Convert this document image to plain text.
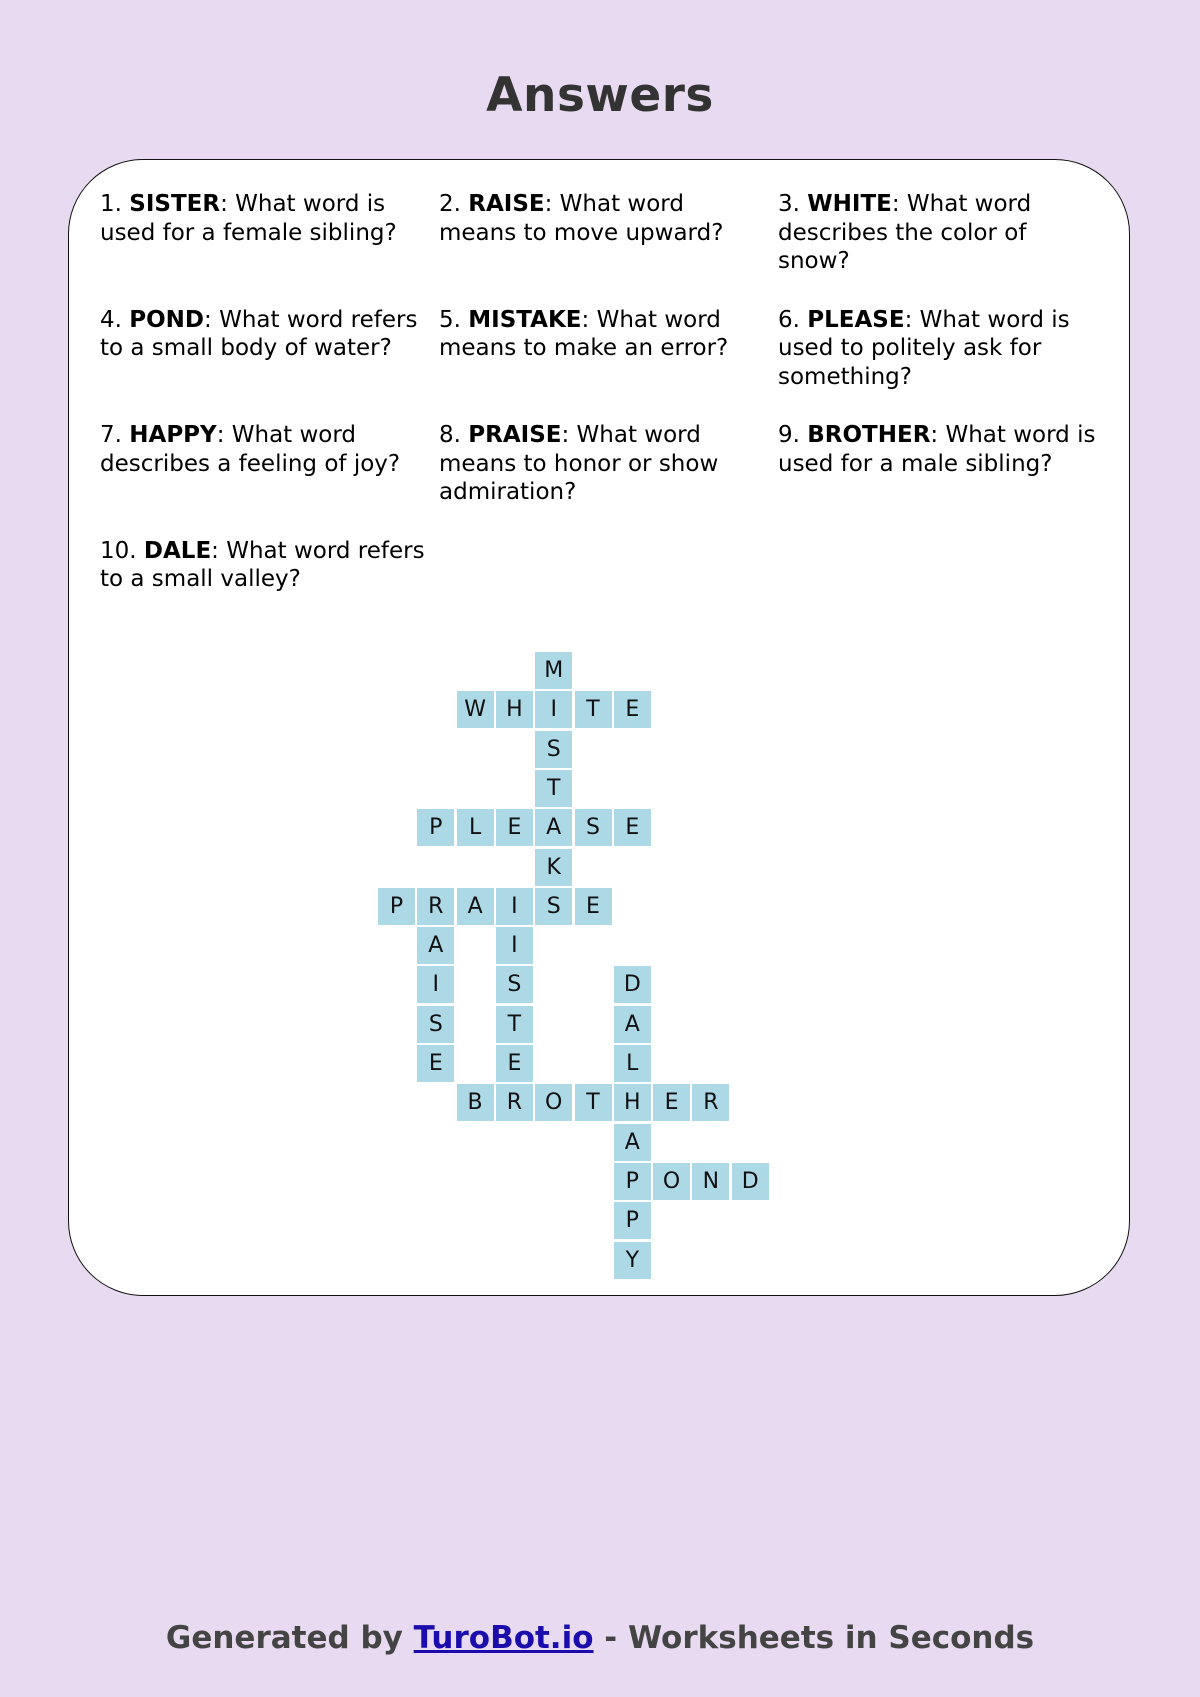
Answers
1. SISTER: What word is used for a female sibling?
2. RAISE: What word means to move upward?
3. WHITE: What word describes the color of snow?
4. POND: What word refers to a small body of water?
5. MISTAKE: What word means to make an error?
6. PLEASE: What word is used to politely ask for something?
7. HAPPY: What word describes a feeling of joy?
8. PRAISE: What word means to honor or show admiration?
9. BROTHER: What word is used for a male sibling?
10. DALE: What word refers to a small valley?
M
W H	I	T	E
S
T
P	L	E	A	S	E
K
P	R	A	I	S	E
A	I
I	S	D
S	T	A
E	E	L
B	R	O	T	H	E	R
A
P	O	N	D
P
Y
Generated by TuroBot.io - Worksheets in Seconds
